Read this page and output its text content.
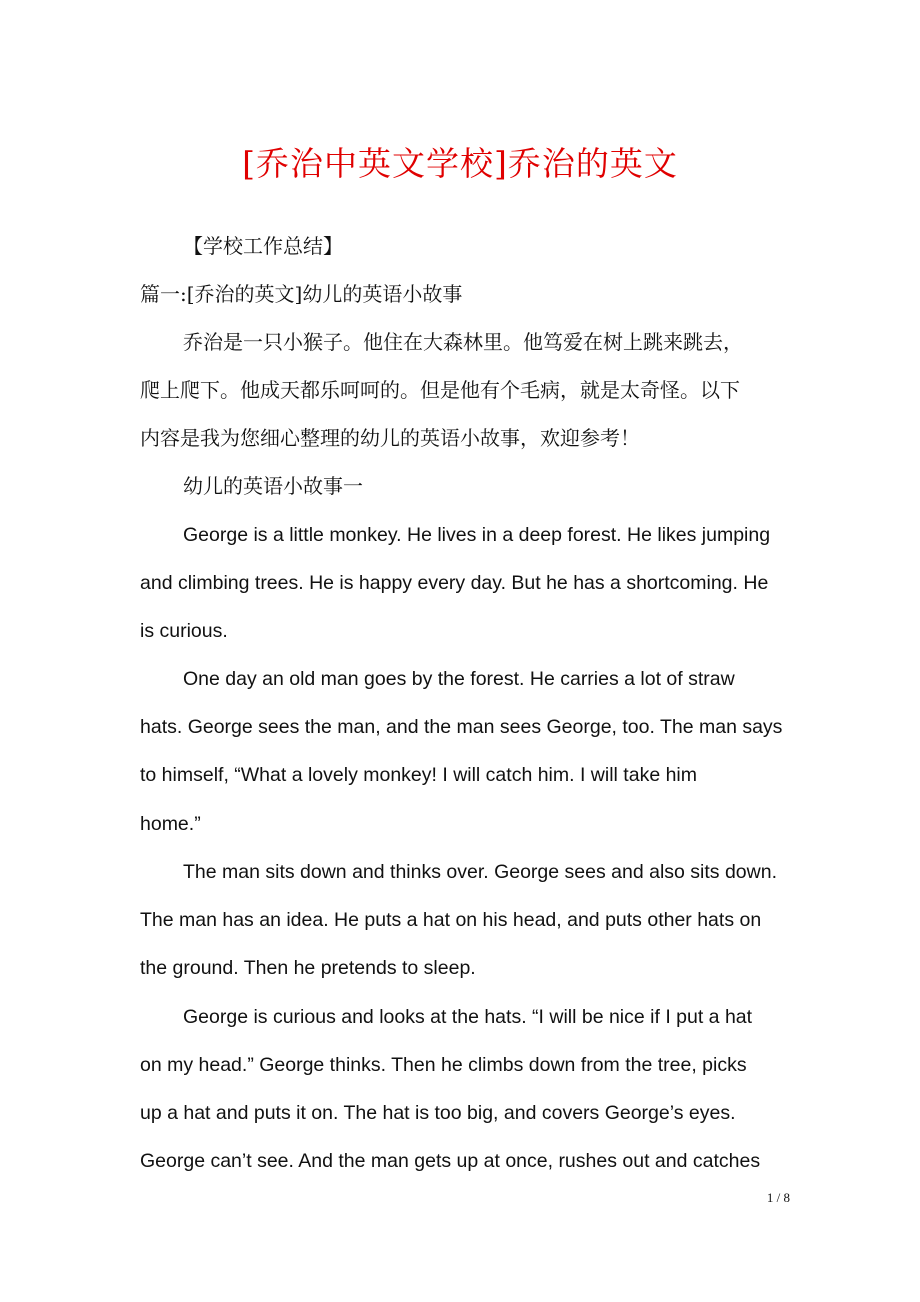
[乔治中英文学校]乔治的英文
【学校工作总结】
篇一:[乔治的英文]幼儿的英语小故事
乔治是一只小猴子。他住在大森林里。他笃爱在树上跳来跳去，
爬上爬下。他成天都乐呵呵的。但是他有个毛病，就是太奇怪。以下
内容是我为您细心整理的幼儿的英语小故事，欢迎参考！
幼儿的英语小故事一
George is a little monkey. He lives in a deep forest. He likes jumping
and climbing trees. He is happy every day. But he has a shortcoming. He
is curious.
One day an old man goes by the forest. He carries a lot of straw
hats. George sees the man, and the man sees George, too. The man says
to himself, “What a lovely monkey! I will catch him. I will take him
home.”
The man sits down and thinks over. George sees and also sits down.
The man has an idea. He puts a hat on his head, and puts other hats on
the ground. Then he pretends to sleep.
George is curious and looks at the hats. “I will be nice if I put a hat
on my head.” George thinks. Then he climbs down from the tree, picks
up a hat and puts it on. The hat is too big, and covers George’s eyes.
George can’t see. And the man gets up at once, rushes out and catches
1 / 8
